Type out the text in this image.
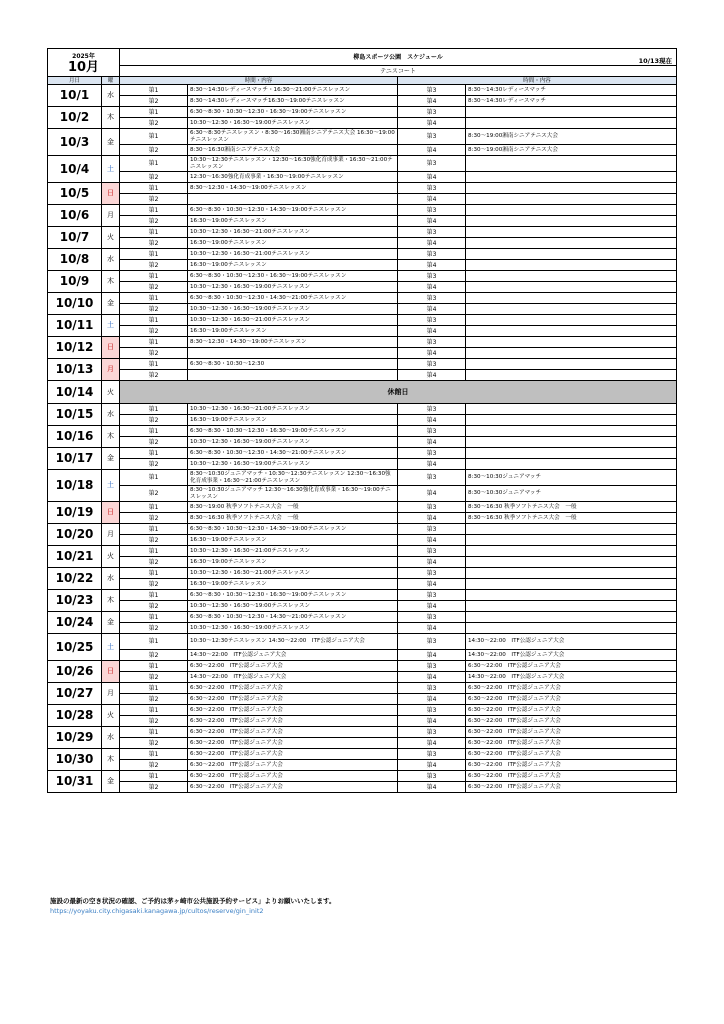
2025年
10月		柳島スポーツ公園　スケジュール 10/13現在			

		テニスコート			
月日	曜	時間・内容		時間・内容	
10/1	水	第1	8:30～14:30レディースマッチ・16:30～21:00テニスレッスン	第3	8:30～14:30レディースマッチ
		第2	8:30～14:30レディースマッチ16:30～19:00テニスレッスン	第4	8:30～14:30レディースマッチ
10/2	木	第1	6:30～8:30・10:30～12:30・16:30～19:00テニスレッスン	第3	
		第2	10:30～12:30・16:30～19:00テニスレッスン	第4	
10/3	金	第1	6:30～8:30テニスレッスン・8:30～16:30湘南シニアテニス大会 16:30～19:00テニスレッスン	第3	8:30～19:00湘南シニアテニス大会
		第2	8:30～16:30湘南シニアテニス大会	第4	8:30～19:00湘南シニアテニス大会
10/4	土	第1	10:30～12:30テニスレッスン・12:30～16:30強化育成事業・16:30～21:00テニスレッスン	第3	
		第2	12:30～16:30強化育成事業・16:30～19:00テニスレッスン	第4	
10/5	日	第1	8:30～12:30・14:30～19:00テニスレッスン	第3	
		第2		第4	
10/6	月	第1	6:30～8:30・10:30～12:30・14:30～19:00テニスレッスン	第3	
		第2	16:30～19:00テニスレッスン	第4	
10/7	火	第1	10:30～12:30・16:30～21:00テニスレッスン	第3	
		第2	16:30～19:00テニスレッスン	第4	
10/8	水	第1	10:30～12:30・16:30～21:00テニスレッスン	第3	
		第2	16:30～19:00テニスレッスン	第4	
10/9	木	第1	6:30～8:30・10:30～12:30・16:30～19:00テニスレッスン	第3	
		第2	10:30～12:30・16:30～19:00テニスレッスン	第4	
10/10	金	第1	6:30～8:30・10:30～12:30・14:30～21:00テニスレッスン	第3	
		第2	10:30～12:30・16:30～19:00テニスレッスン	第4	
10/11	土	第1	10:30～12:30・16:30～21:00テニスレッスン	第3	
		第2	16:30～19:00テニスレッスン	第4	
10/12	日	第1	8:30～12:30・14:30～19:00テニスレッスン	第3	
		第2		第4	
10/13	月	第1	6:30～8:30・10:30～12:30	第3	
		第2		第4	
10/14	火	休館日			
10/15	水	第1	10:30～12:30・16:30～21:00テニスレッスン	第3	
		第2	16:30～19:00テニスレッスン	第4	
10/16	木	第1	6:30～8:30・10:30～12:30・16:30～19:00テニスレッスン	第3	
		第2	10:30～12:30・16:30～19:00テニスレッスン	第4	
10/17	金	第1	6:30～8:30・10:30～12:30・14:30～21:00テニスレッスン	第3	
		第2	10:30～12:30・16:30～19:00テニスレッスン	第4	
10/18	土	第1	8:30～10:30ジュニアマッチ・10:30～12:30テニスレッスン 12:30～16:30強化育成事業・16:30～21:00テニスレッスン	第3	8:30～10:30ジュニアマッチ
		第2	8:30～10:30ジュニアマッチ 12:30～16:30強化育成事業・16:30～19:00テニスレッスン	第4	8:30～10:30ジュニアマッチ
10/19	日	第1	8:30～19:00 秋季ソフトテニス大会　一般	第3	8:30～16:30 秋季ソフトテニス大会　一般
		第2	8:30～16:30 秋季ソフトテニス大会　一般	第4	8:30～16:30 秋季ソフトテニス大会　一般
10/20	月	第1	6:30～8:30・10:30～12:30・14:30～19:00テニスレッスン	第3	
		第2	16:30～19:00テニスレッスン	第4	
10/21	火	第1	10:30～12:30・16:30～21:00テニスレッスン	第3	
		第2	16:30～19:00テニスレッスン	第4	
10/22	水	第1	10:30～12:30・16:30～21:00テニスレッスン	第3	
		第2	16:30～19:00テニスレッスン	第4	
10/23	木	第1	6:30～8:30・10:30～12:30・16:30～19:00テニスレッスン	第3	
		第2	10:30～12:30・16:30～19:00テニスレッスン	第4	
10/24	金	第1	6:30～8:30・10:30～12:30・14:30～21:00テニスレッスン	第3	
		第2	10:30～12:30・16:30～19:00テニスレッスン	第4	
10/25	土	第1	10:30～12:30テニスレッスン 14:30～22:00　ITF公認ジュニア大会	第3	14:30～22:00　ITF公認ジュニア大会
		第2	14:30～22:00　ITF公認ジュニア大会	第4	14:30～22:00　ITF公認ジュニア大会
10/26	日	第1	6:30～22:00　ITF公認ジュニア大会	第3	6:30～22:00　ITF公認ジュニア大会
		第2	14:30～22:00　ITF公認ジュニア大会	第4	14:30～22:00　ITF公認ジュニア大会
10/27	月	第1	6:30～22:00　ITF公認ジュニア大会	第3	6:30～22:00　ITF公認ジュニア大会
		第2	6:30～22:00　ITF公認ジュニア大会	第4	6:30～22:00　ITF公認ジュニア大会
10/28	火	第1	6:30～22:00　ITF公認ジュニア大会	第3	6:30～22:00　ITF公認ジュニア大会
		第2	6:30～22:00　ITF公認ジュニア大会	第4	6:30～22:00　ITF公認ジュニア大会
10/29	水	第1	6:30～22:00　ITF公認ジュニア大会	第3	6:30～22:00　ITF公認ジュニア大会
		第2	6:30～22:00　ITF公認ジュニア大会	第4	6:30～22:00　ITF公認ジュニア大会
10/30	木	第1	6:30～22:00　ITF公認ジュニア大会	第3	6:30～22:00　ITF公認ジュニア大会
		第2	6:30～22:00　ITF公認ジュニア大会	第4	6:30～22:00　ITF公認ジュニア大会
10/31	金	第1	6:30～22:00　ITF公認ジュニア大会	第3	6:30～22:00　ITF公認ジュニア大会
		第2	6:30～22:00　ITF公認ジュニア大会	第4	6:30～22:00　ITF公認ジュニア大会
施設の最新の空き状況の確認、ご予約は茅ヶ崎市公共施設予約サービス」よりお願いいたします。
https://yoyaku.city.chigasaki.kanagawa.jp/cultos/reserve/gin_init2
